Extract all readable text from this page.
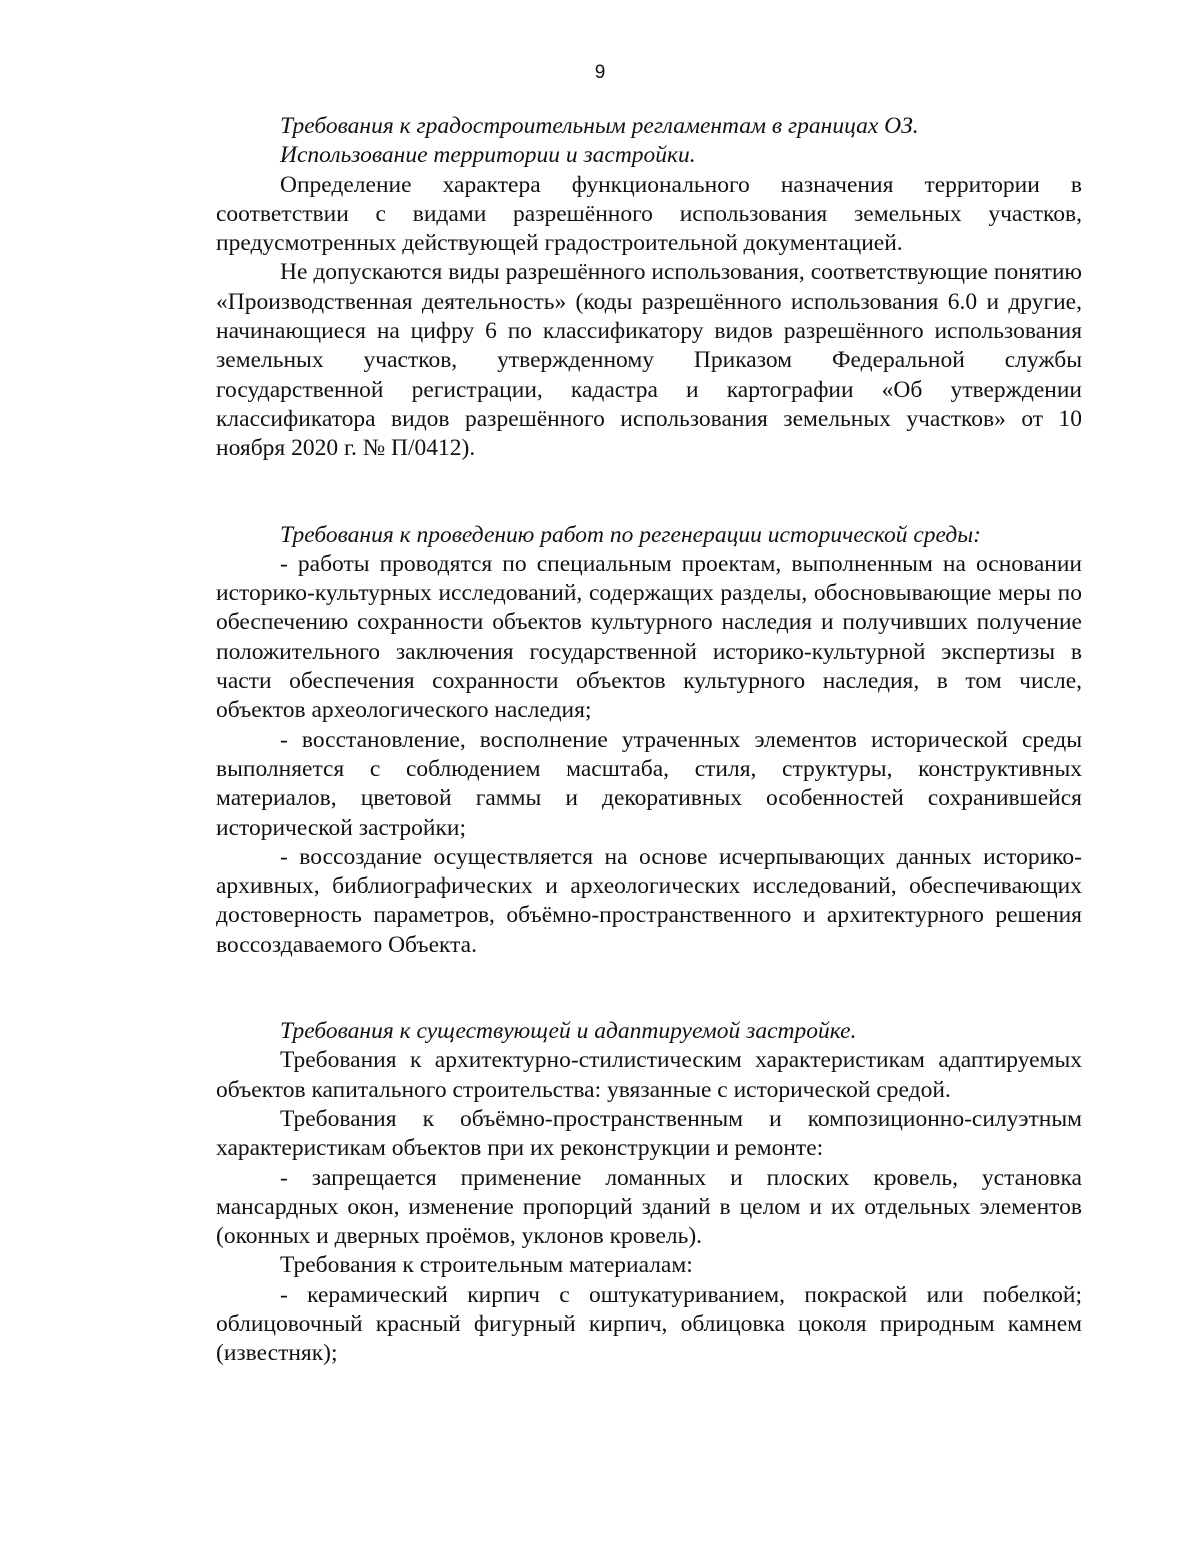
9

Требования к градостроительным регламентам в границах ОЗ.
Использование территории и застройки.

Определение характера функционального назначения территории в соответствии с видами разрешённого использования земельных участков, предусмотренных действующей градостроительной документацией.

Не допускаются виды разрешённого использования, соответствующие понятию «Производственная деятельность» (коды разрешённого использования 6.0 и другие, начинающиеся на цифру 6 по классификатору видов разрешённого использования земельных участков, утвержденному Приказом Федеральной службы государственной регистрации, кадастра и картографии «Об утверждении классификатора видов разрешённого использования земельных участков» от 10 ноября 2020 г. № П/0412).

Требования к проведению работ по регенерации исторической среды:

- работы проводятся по специальным проектам, выполненным на основании историко-культурных исследований, содержащих разделы, обосновывающие меры по обеспечению сохранности объектов культурного наследия и получивших получение положительного заключения государственной историко-культурной экспертизы в части обеспечения сохранности объектов культурного наследия, в том числе, объектов археологического наследия;

- восстановление, восполнение утраченных элементов исторической среды выполняется с соблюдением масштаба, стиля, структуры, конструктивных материалов, цветовой гаммы и декоративных особенностей сохранившейся исторической застройки;

- воссоздание осуществляется на основе исчерпывающих данных историко-архивных, библиографических и археологических исследований, обеспечивающих достоверность параметров, объёмно-пространственного и архитектурного решения воссоздаваемого Объекта.

Требования к существующей и адаптируемой застройке.

Требования к архитектурно-стилистическим характеристикам адаптируемых объектов капитального строительства: увязанные с исторической средой.

Требования к объёмно-пространственным и композиционно-силуэтным характеристикам объектов при их реконструкции и ремонте:

- запрещается применение ломанных и плоских кровель, установка мансардных окон, изменение пропорций зданий в целом и их отдельных элементов (оконных и дверных проёмов, уклонов кровель).

Требования к строительным материалам:

- керамический кирпич с оштукатуриванием, покраской или побелкой; облицовочный красный фигурный кирпич, облицовка цоколя природным камнем (известняк);
